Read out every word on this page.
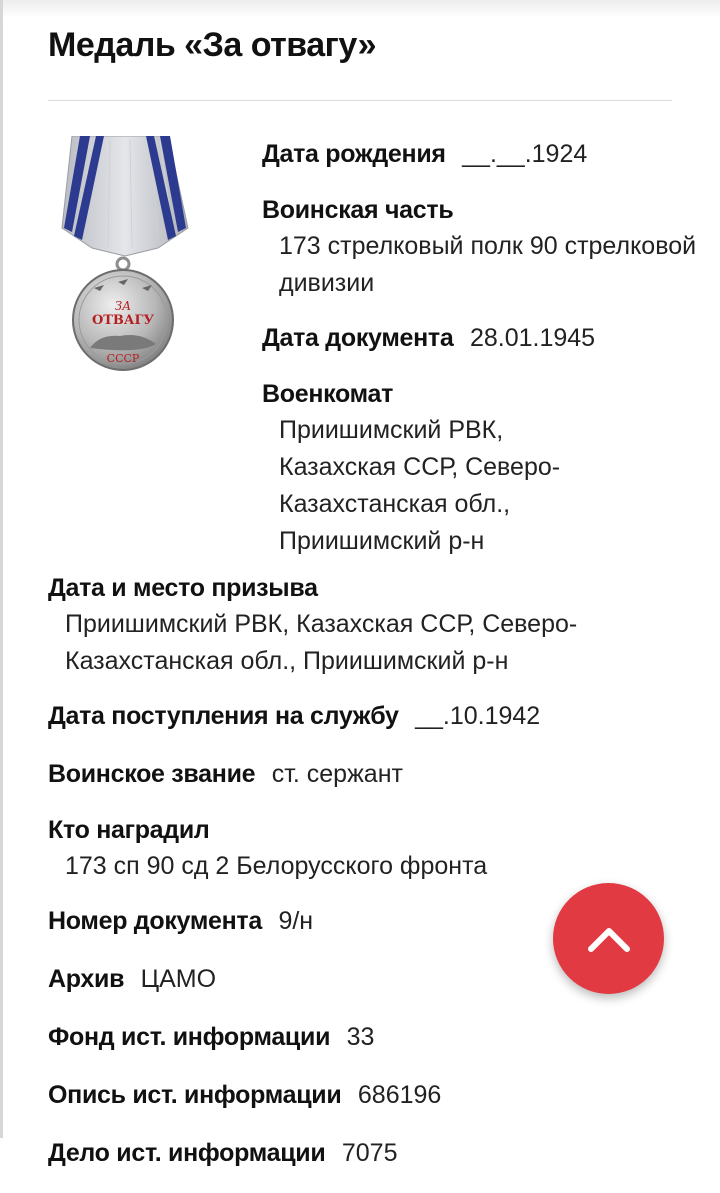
Медаль «За отвагу»
ЗА
ОТВАГУ
СССР
Дата рождения __.__.1924
Воинская часть
173 стрелковый полк 90 стрелковой дивизии
Дата документа 28.01.1945
Военкомат
Приишимский РВК, Казахская ССР, Северо-Казахстанская обл., Приишимский р-н
Дата и место призыва
Приишимский РВК, Казахская ССР, Северо-Казахстанская обл., Приишимский р-н
Дата поступления на службу __.10.1942
Воинское звание ст. сержант
Кто наградил
173 сп 90 сд 2 Белорусского фронта
Номер документа 9/н
Архив ЦАМО
Фонд ист. информации 33
Опись ист. информации 686196
Дело ист. информации 7075
